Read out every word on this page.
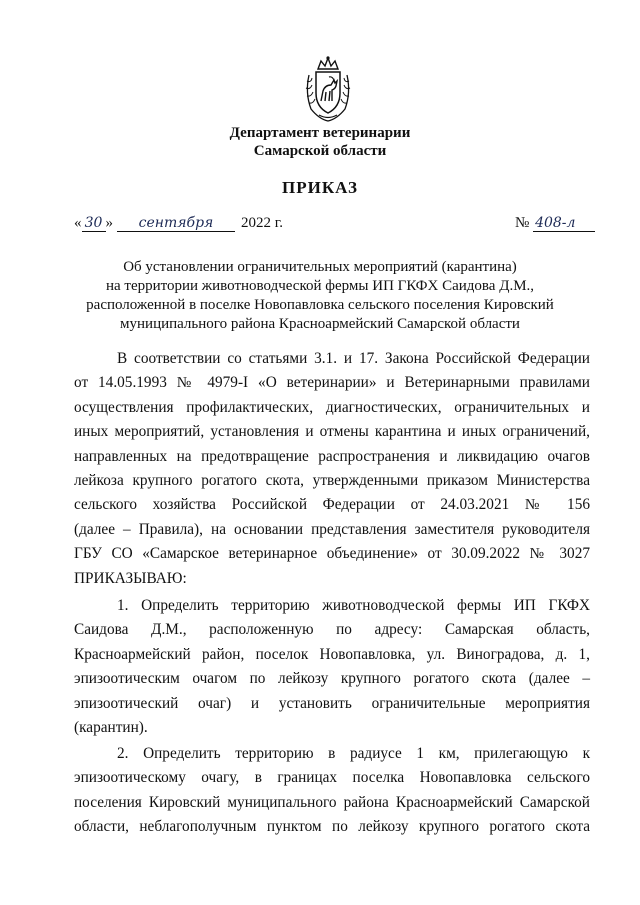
Департамент ветеринарии
Самарской области
ПРИКАЗ
« 30 » сентября 2022 г.	№ 408-л
Об установлении ограничительных мероприятий (карантина)
на территории животноводческой фермы ИП ГКФХ Саидова Д.М.,
расположенной в поселке Новопавловка сельского поселения Кировский
муниципального района Красноармейский Самарской области
В соответствии со статьями 3.1. и 17. Закона Российской Федерации
от 14.05.1993 № 4979-I «О ветеринарии» и Ветеринарными правилами
осуществления профилактических, диагностических, ограничительных и
иных мероприятий, установления и отмены карантина и иных ограничений,
направленных на предотвращение распространения и ликвидацию очагов
лейкоза крупного рогатого скота, утвержденными приказом Министерства
сельского хозяйства Российской Федерации от 24.03.2021 № 156
(далее – Правила), на основании представления заместителя руководителя
ГБУ СО «Самарское ветеринарное объединение» от 30.09.2022 № 3027
ПРИКАЗЫВАЮ:
1. Определить территорию животноводческой фермы ИП ГКФХ
Саидова Д.М., расположенную по адресу: Самарская область,
Красноармейский район, поселок Новопавловка, ул. Виноградова, д. 1,
эпизоотическим очагом по лейкозу крупного рогатого скота (далее –
эпизоотический очаг) и установить ограничительные мероприятия
(карантин).
2. Определить территорию в радиусе 1 км, прилегающую к
эпизоотическому очагу, в границах поселка Новопавловка сельского
поселения Кировский муниципального района Красноармейский Самарской
области, неблагополучным пунктом по лейкозу крупного рогатого скота
